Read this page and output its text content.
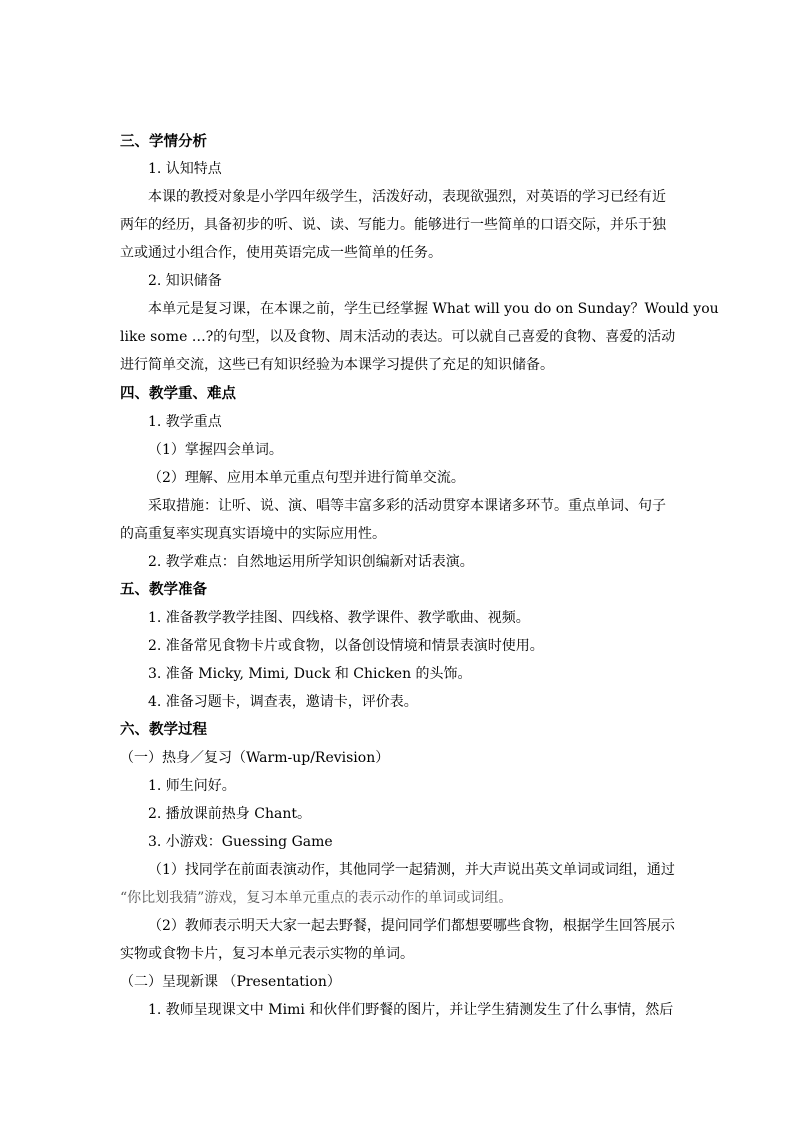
三、学情分析
1. 认知特点
本课的教授对象是小学四年级学生，活泼好动，表现欲强烈，对英语的学习已经有近
两年的经历，具备初步的听、说、读、写能力。能够进行一些简单的口语交际，并乐于独
立或通过小组合作，使用英语完成一些简单的任务。
2. 知识储备
本单元是复习课，在本课之前，学生已经掌握 What will you do on Sunday？Would you
like some …?的句型，以及食物、周末活动的表达。可以就自己喜爱的食物、喜爱的活动
进行简单交流，这些已有知识经验为本课学习提供了充足的知识储备。
四、教学重、难点
1. 教学重点
（1）掌握四会单词。
（2）理解、应用本单元重点句型并进行简单交流。
采取措施：让听、说、演、唱等丰富多彩的活动贯穿本课诸多环节。重点单词、句子
的高重复率实现真实语境中的实际应用性。
2. 教学难点：自然地运用所学知识创编新对话表演。
五、教学准备
1. 准备教学教学挂图、四线格、教学课件、教学歌曲、视频。
2. 准备常见食物卡片或食物，以备创设情境和情景表演时使用。
3. 准备 Micky, Mimi, Duck 和 Chicken 的头饰。
4. 准备习题卡，调查表，邀请卡，评价表。
六、教学过程
（一）热身／复习（Warm-up/Revision）
1. 师生问好。
2. 播放课前热身 Chant。
3. 小游戏：Guessing Game
（1）找同学在前面表演动作，其他同学一起猜测，并大声说出英文单词或词组，通过
“你比划我猜”游戏，复习本单元重点的表示动作的单词或词组。
（2）教师表示明天大家一起去野餐，提问同学们都想要哪些食物，根据学生回答展示
实物或食物卡片，复习本单元表示实物的单词。
（二）呈现新课 （Presentation）
1. 教师呈现课文中 Mimi 和伙伴们野餐的图片，并让学生猜测发生了什么事情，然后
